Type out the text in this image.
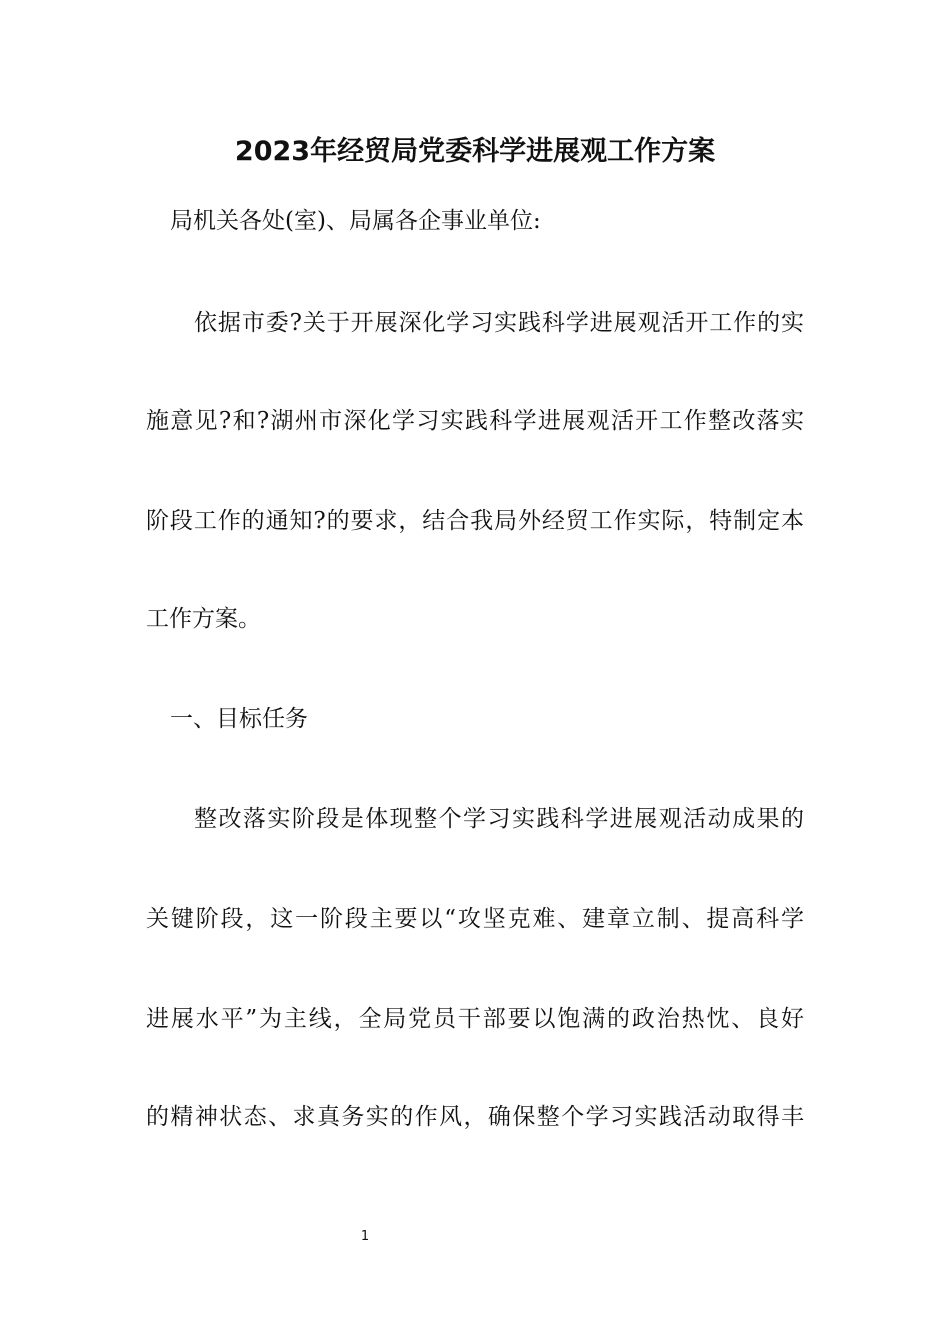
2023年经贸局党委科学进展观工作方案
局机关各处(室)、局属各企事业单位:
依据市委?关于开展深化学习实践科学进展观活开工作的实
施意见?和?湖州市深化学习实践科学进展观活开工作整改落实
阶段工作的通知?的要求，结合我局外经贸工作实际，特制定本
工作方案。
一、目标任务
整改落实阶段是体现整个学习实践科学进展观活动成果的
关键阶段，这一阶段主要以“攻坚克难、建章立制、提高科学
进展水平”为主线，全局党员干部要以饱满的政治热忱、良好
的精神状态、求真务实的作风，确保整个学习实践活动取得丰
1
